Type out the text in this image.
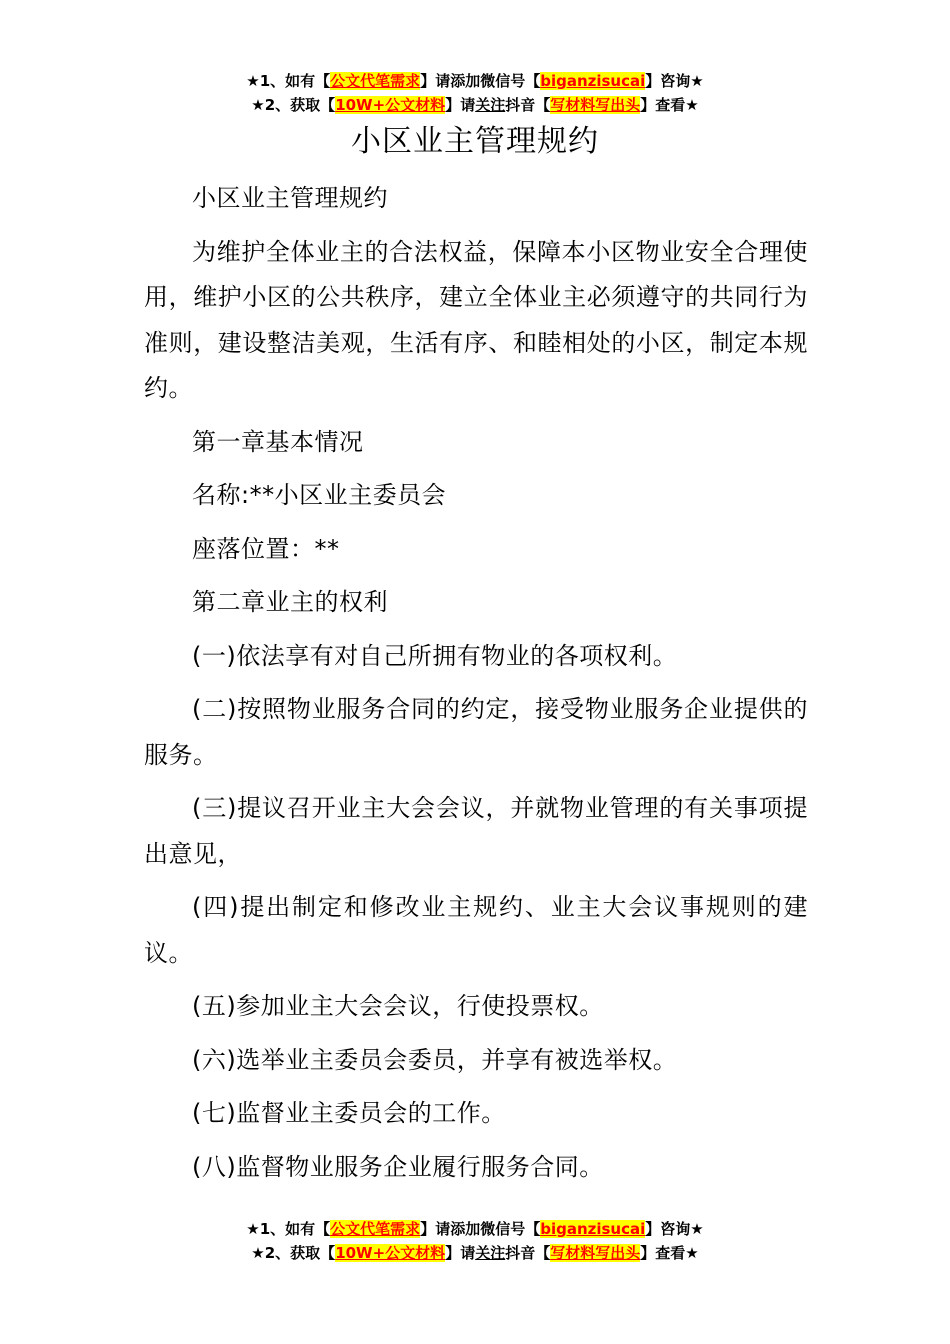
★1、如有【公文代笔需求】请添加微信号【biganzisucai】咨询★
★2、获取【10W+公文材料】请关注抖音【写材料写出头】查看★
小区业主管理规约

小区业主管理规约

为维护全体业主的合法权益，保障本小区物业安全合理使用，维护小区的公共秩序，建立全体业主必须遵守的共同行为准则，建设整洁美观，生活有序、和睦相处的小区，制定本规约。

第一章基本情况

名称:**小区业主委员会

座落位置：**

第二章业主的权利

(一)依法享有对自己所拥有物业的各项权利。

(二)按照物业服务合同的约定，接受物业服务企业提供的服务。

(三)提议召开业主大会会议，并就物业管理的有关事项提出意见，

(四)提出制定和修改业主规约、业主大会议事规则的建议。

(五)参加业主大会会议，行使投票权。

(六)选举业主委员会委员，并享有被选举权。

(七)监督业主委员会的工作。

(八)监督物业服务企业履行服务合同。

★1、如有【公文代笔需求】请添加微信号【biganzisucai】咨询★
★2、获取【10W+公文材料】请关注抖音【写材料写出头】查看★
